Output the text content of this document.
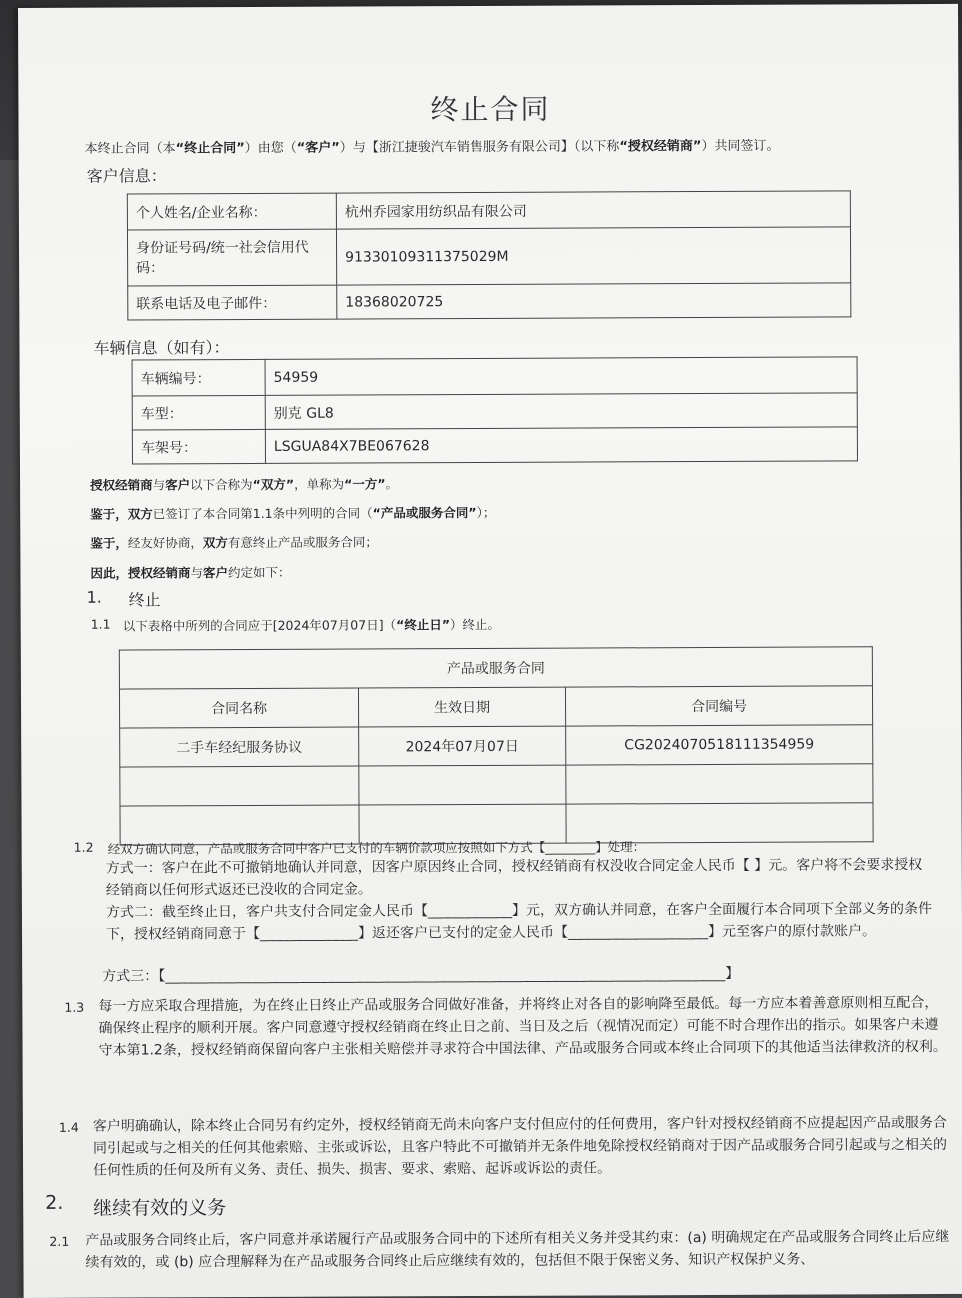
终止合同
本终止合同（本“终止合同”）由您（“客户”）与【浙江捷骏汽车销售服务有限公司】（以下称“授权经销商”）共同签订。
客户信息：
个人姓名/企业名称：	杭州乔园家用纺织品有限公司
身份证号码/统一社会信用代码：	91330109311375029M
联系电话及电子邮件：	18368020725
车辆信息（如有）：
车辆编号：	54959
车型：	别克 GL8
车架号：	LSGUA84X7BE067628
授权经销商与客户以下合称为“双方”，单称为“一方”。
鉴于，双方已签订了本合同第1.1条中列明的合同（“产品或服务合同”）；
鉴于，经友好协商，双方有意终止产品或服务合同；
因此，授权经销商与客户约定如下：
1. 终止
1.1 以下表格中所列的合同应于[2024年07月07日]（“终止日”）终止。
产品或服务合同		
合同名称	生效日期	合同编号
二手车经纪服务协议	2024年07月07日	CG20240705181113549​59

1.2 经双方确认同意，产品或服务合同中客户已支付的车辆价款项应按照如下方式【________】处理：
方式一：客户在此不可撤销地确认并同意，因客户原因终止合同，授权经销商有权没收合同定金人民币【 】元。客户将不会要求授权经销商以任何形式返还已没收的合同定金。
方式二：截至终止日，客户共支付合同定金人民币【____________】元，双方确认并同意，在客户全面履行本合同项下全部义务的条件下，授权经销商同意于【______________】返还客户已支付的定金人民币【____________________】元至客户的原付款账户。
方式三：【________________________________________________________________________________】
1.3 每一方应采取合理措施，为在终止日终止产品或服务合同做好准备，并将终止对各自的影响降至最低。每一方应本着善意原则相互配合，确保终止程序的顺利开展。客户同意遵守授权经销商在终止日之前、当日及之后（视情况而定）可能不时合理作出的指示。如果客户未遵守本第1.2条，授权经销商保留向客户主张相关赔偿并寻求符合中国法律、产品或服务合同或本终止合同项下的其他适当法律救济的权利。
1.4 客户明确确认，除本终止合同另有约定外，授权经销商无尚未向客户支付但应付的任何费用，客户针对授权经销商不应提起因产品或服务合同引起或与之相关的任何其他索赔、主张或诉讼，且客户特此不可撤销并无条件地免除授权经销商对于因产品或服务合同引起或与之相关的任何性质的任何及所有义务、责任、损失、损害、要求、索赔、起诉或诉讼的责任。
2. 继续有效的义务
2.1 产品或服务合同终止后，客户同意并承诺履行产品或服务合同中的下述所有相关义务并受其约束：(a) 明确规定在产品或服务合同终止后应继续有效的，或 (b) 应合理解释为在产品或服务合同终止后应继续有效的，包括但不限于保密义务、知识产权保护义务、
